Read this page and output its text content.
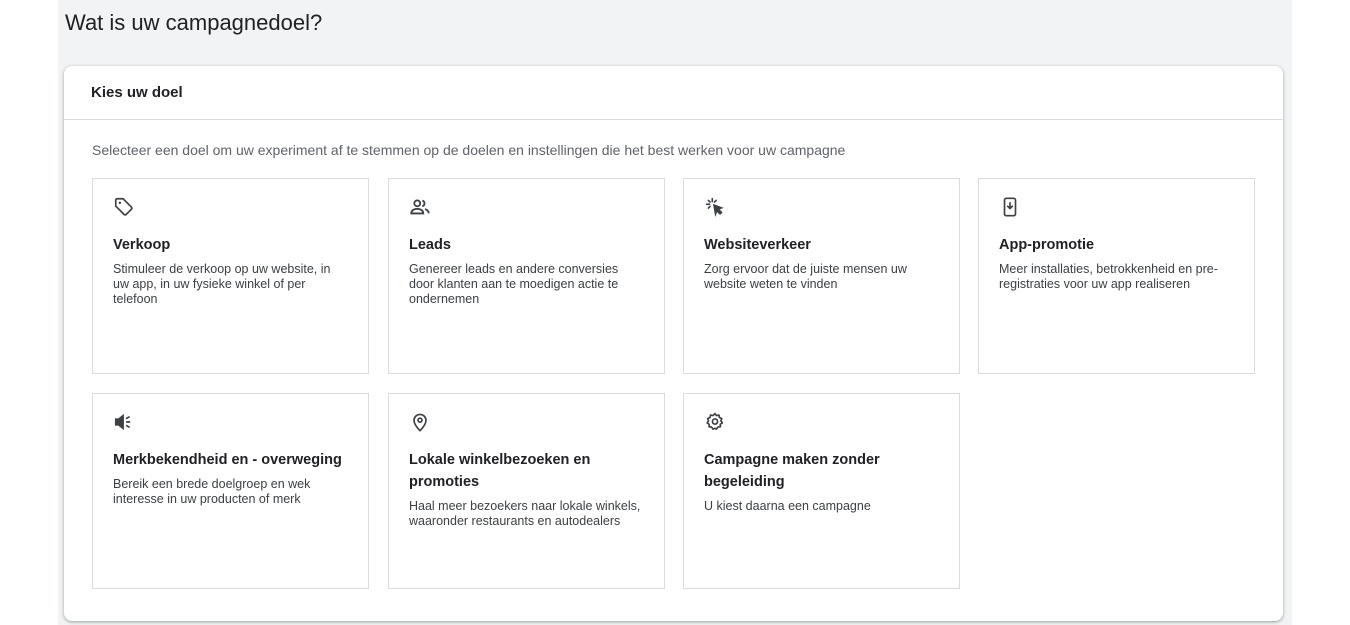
Wat is uw campagnedoel?
Kies uw doel
Selecteer een doel om uw experiment af te stemmen op de doelen en instellingen die het best werken voor uw campagne
Verkoop
Stimuleer de verkoop op uw website, in uw app, in uw fysieke winkel of per telefoon
Leads
Genereer leads en andere conversies door klanten aan te moedigen actie te ondernemen
Websiteverkeer
Zorg ervoor dat de juiste mensen uw website weten te vinden
App-promotie
Meer installaties, betrokkenheid en pre-registraties voor uw app realiseren
Merkbekendheid en - overweging
Bereik een brede doelgroep en wek interesse in uw producten of merk
Lokale winkelbezoeken en promoties
Haal meer bezoekers naar lokale winkels, waaronder restaurants en autodealers
Campagne maken zonder begeleiding
U kiest daarna een campagne
